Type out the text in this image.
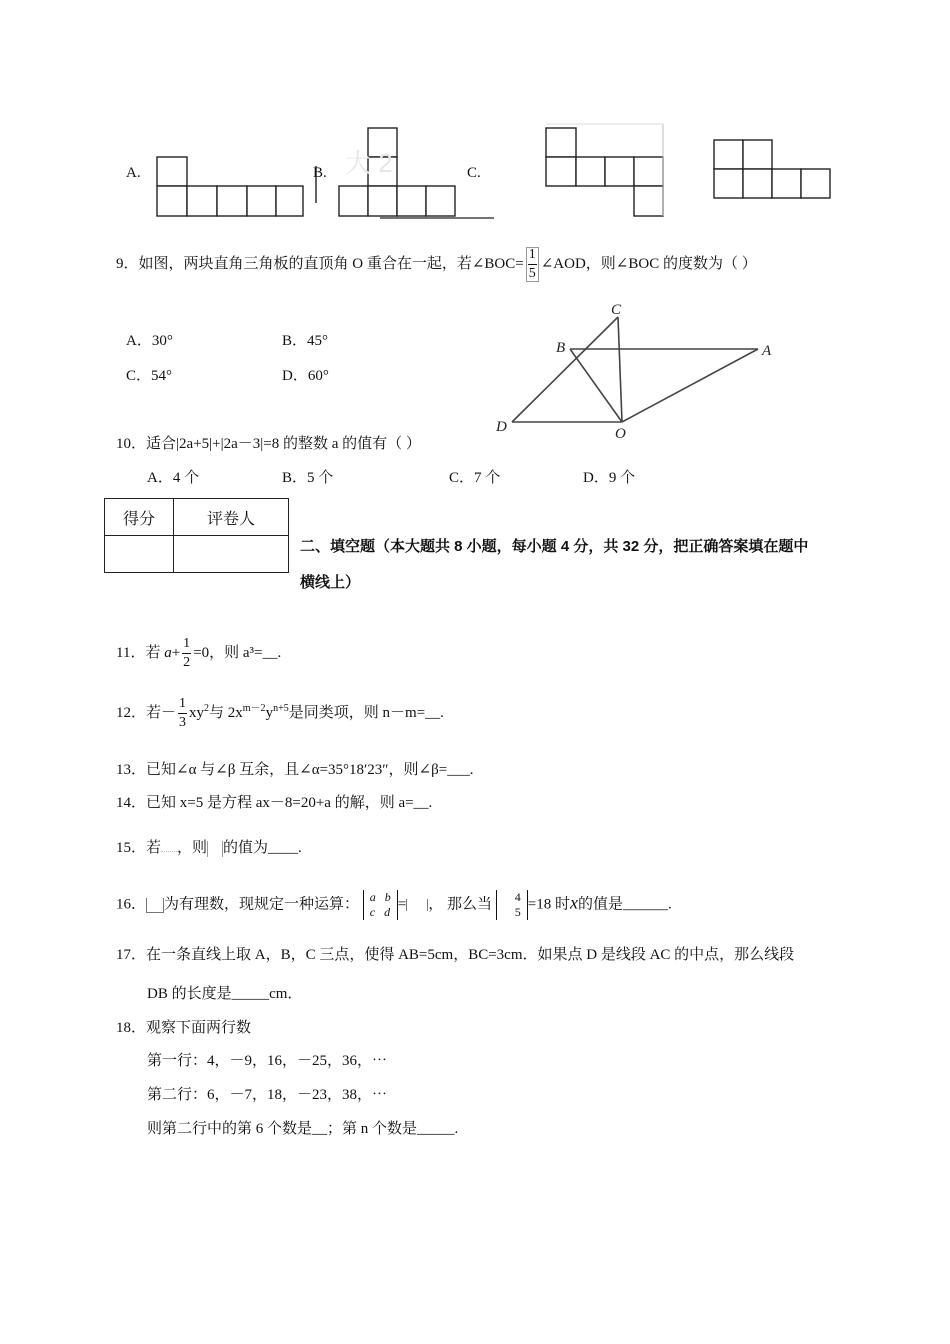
大 2
A.	B.	C.
9．如图，两块直角三角板的直顶角 O 重合在一起，若∠BOC= $\frac{1}{5}$ ∠AOD，则∠BOC 的度数为（ ）
A．30°	B．45°
C．54°	D．60°
C
B	A
D	O
10．适合|2a+5|+|2a－3|=8 的整数 a 的值有（ ）
A．4 个	B．5 个	C．7 个	D．9 个
得分	评卷人

二、填空题（本大题共 8 小题，每小题 4 分，共 32 分，把正确答案填在题中
横线上）
11．若 $a+ \frac{1}{2} =0$，则 a³=__.
12．若－ $\frac{1}{3} xy^2$与 $2x^{m-2}y^{n+5}$是同类项，则 n－m=__.
13．已知∠α 与∠β 互余，且∠α=35°18′23″，则∠β=___.
14．已知 x=5 是方程 ax－8=20+a 的解，则 a=__.
15．若 ，则 的值为____.
16． 为有理数，现规定一种运算： a b
c d = ， 那么当 4
5 =18 时x的值是______.
17．在一条直线上取 A，B，C 三点，使得 AB=5cm，BC=3cm．如果点 D 是线段 AC 的中点，那么线段
DB 的长度是_____cm．
18．观察下面两行数
第一行：4，－9，16，－25，36，⋯
第二行：6，－7，18，－23，38，⋯
则第二行中的第 6 个数是__；第 n 个数是_____.
